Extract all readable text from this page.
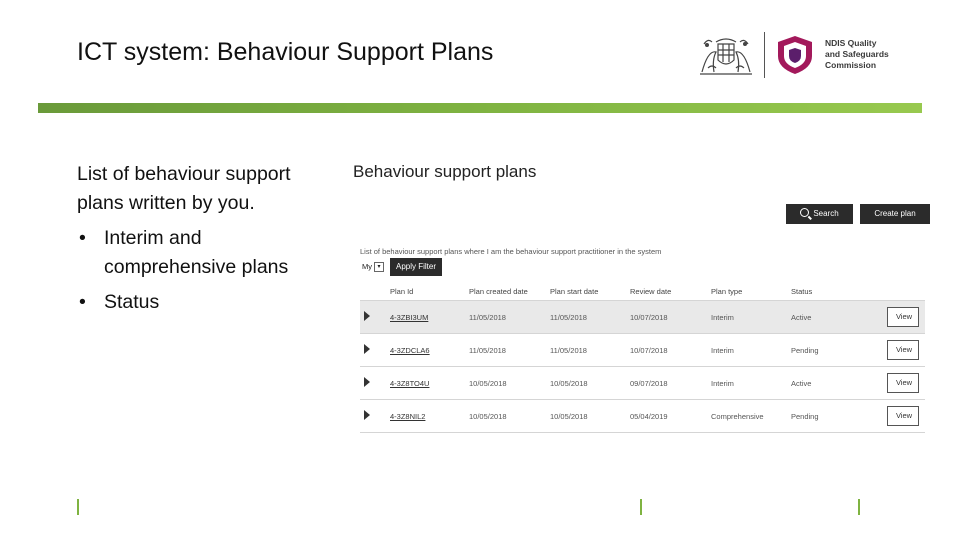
ICT system: Behaviour Support Plans	NDIS Quality
and Safeguards
Commission

List of behaviour support plans written by you.

• Interim and comprehensive plans
• Status
Behaviour support plans
Search	Create plan
List of behaviour support plans where I am the behaviour support practitioner in the system
My ▾	Apply Filter
	Plan Id	Plan created date	Plan start date	Review date	Plan type	Status	
	4-3ZBI3UM	11/05/2018	11/05/2018	10/07/2018	Interim	Active	View
	4-3ZDCLA6	11/05/2018	11/05/2018	10/07/2018	Interim	Pending	View
	4-3Z8TO4U	10/05/2018	10/05/2018	09/07/2018	Interim	Active	View
	4-3Z8NIL2	10/05/2018	10/05/2018	05/04/2019	Comprehensive	Pending	View
